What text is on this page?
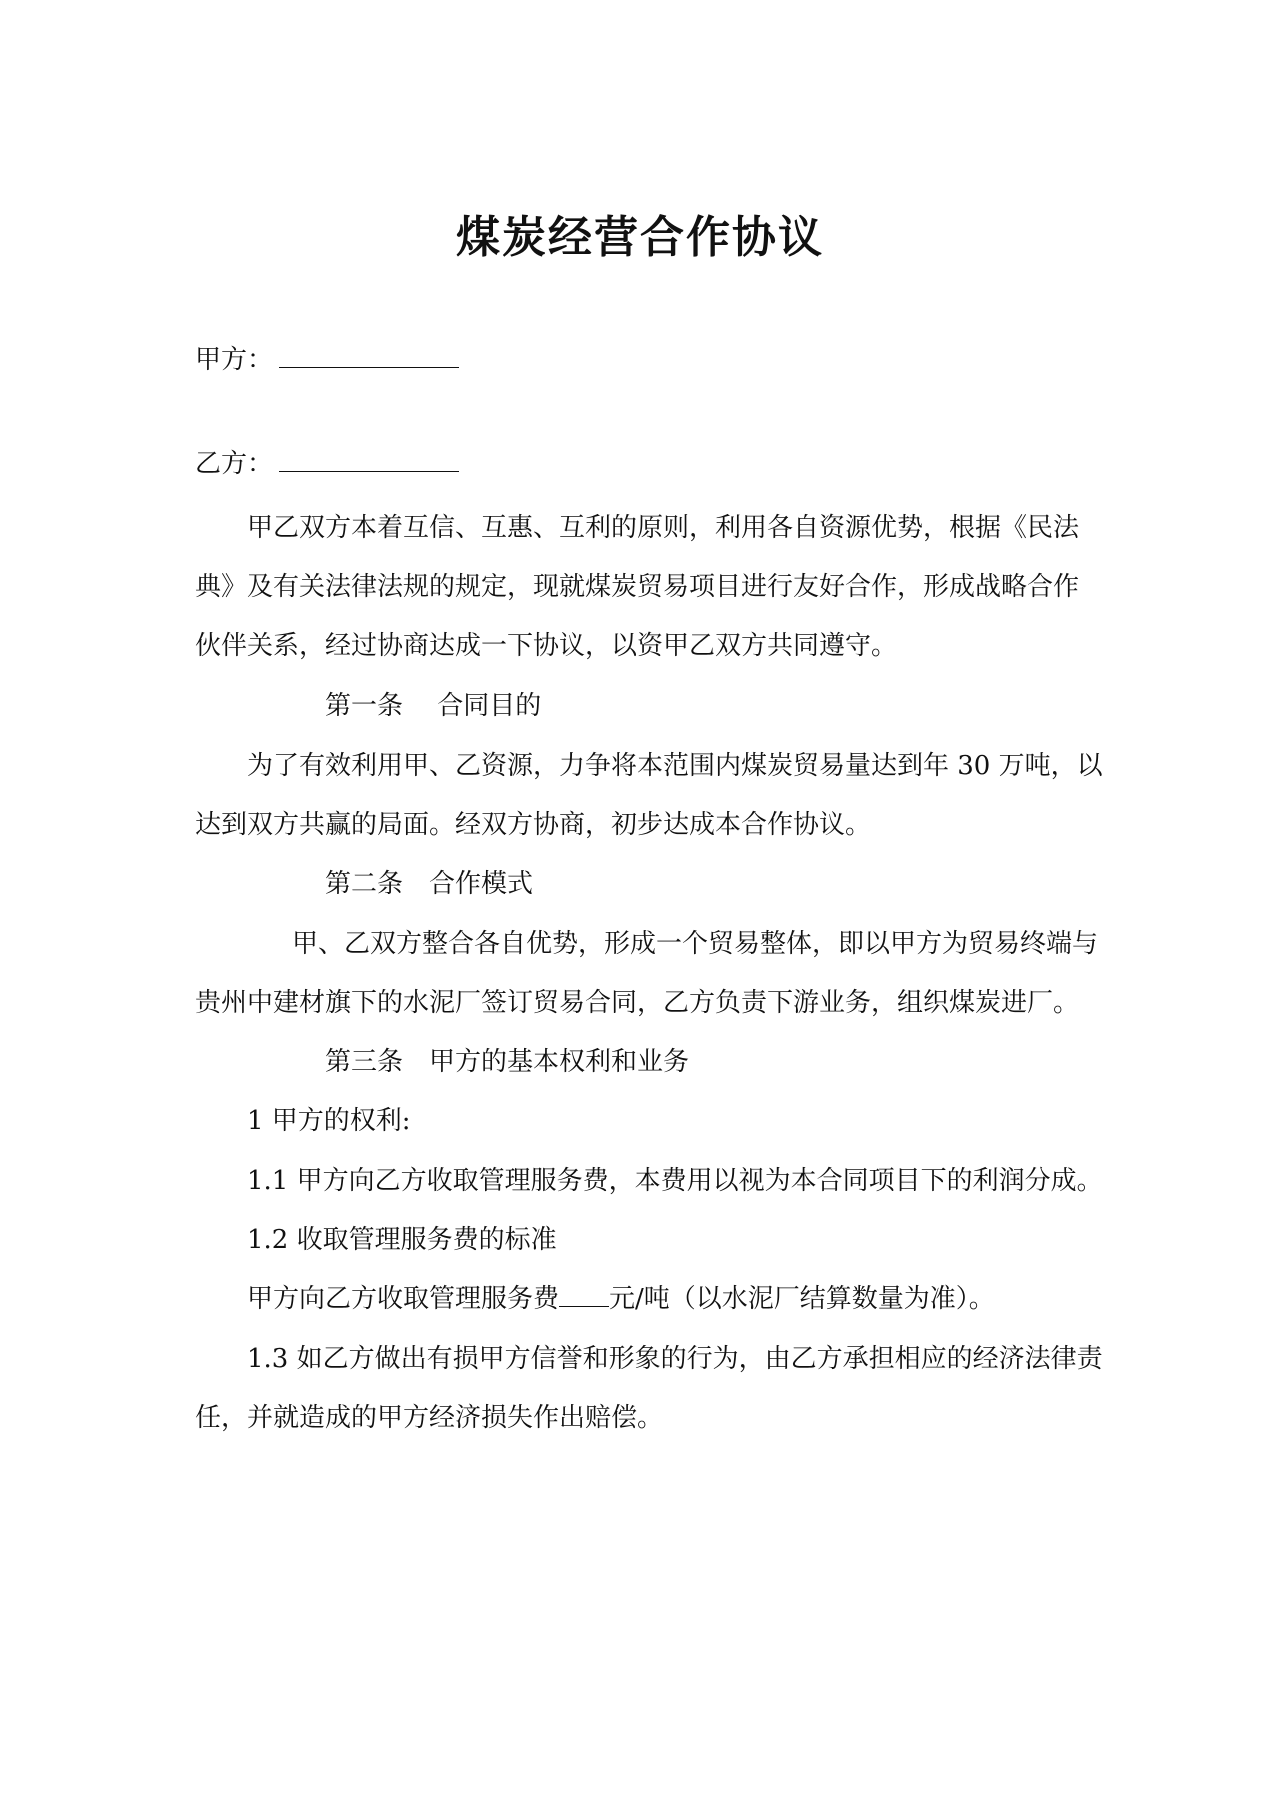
煤炭经营合作协议

甲方：

乙方：

甲乙双方本着互信、互惠、互利的原则，利用各自资源优势，根据《民法

典》及有关法律法规的规定，现就煤炭贸易项目进行友好合作，形成战略合作

伙伴关系，经过协商达成一下协议，以资甲乙双方共同遵守。

第一条　 合同目的

为了有效利用甲、乙资源，力争将本范围内煤炭贸易量达到年 30 万吨，以

达到双方共赢的局面。经双方协商，初步达成本合作协议。

第二条　合作模式

甲、乙双方整合各自优势，形成一个贸易整体，即以甲方为贸易终端与

贵州中建材旗下的水泥厂签订贸易合同，乙方负责下游业务，组织煤炭进厂。

第三条　甲方的基本权利和业务

1 甲方的权利:

1.1 甲方向乙方收取管理服务费，本费用以视为本合同项目下的利润分成。

1.2 收取管理服务费的标准

甲方向乙方收取管理服务费 元/吨（以水泥厂结算数量为准）。

1.3 如乙方做出有损甲方信誉和形象的行为，由乙方承担相应的经济法律责

任，并就造成的甲方经济损失作出赔偿。
